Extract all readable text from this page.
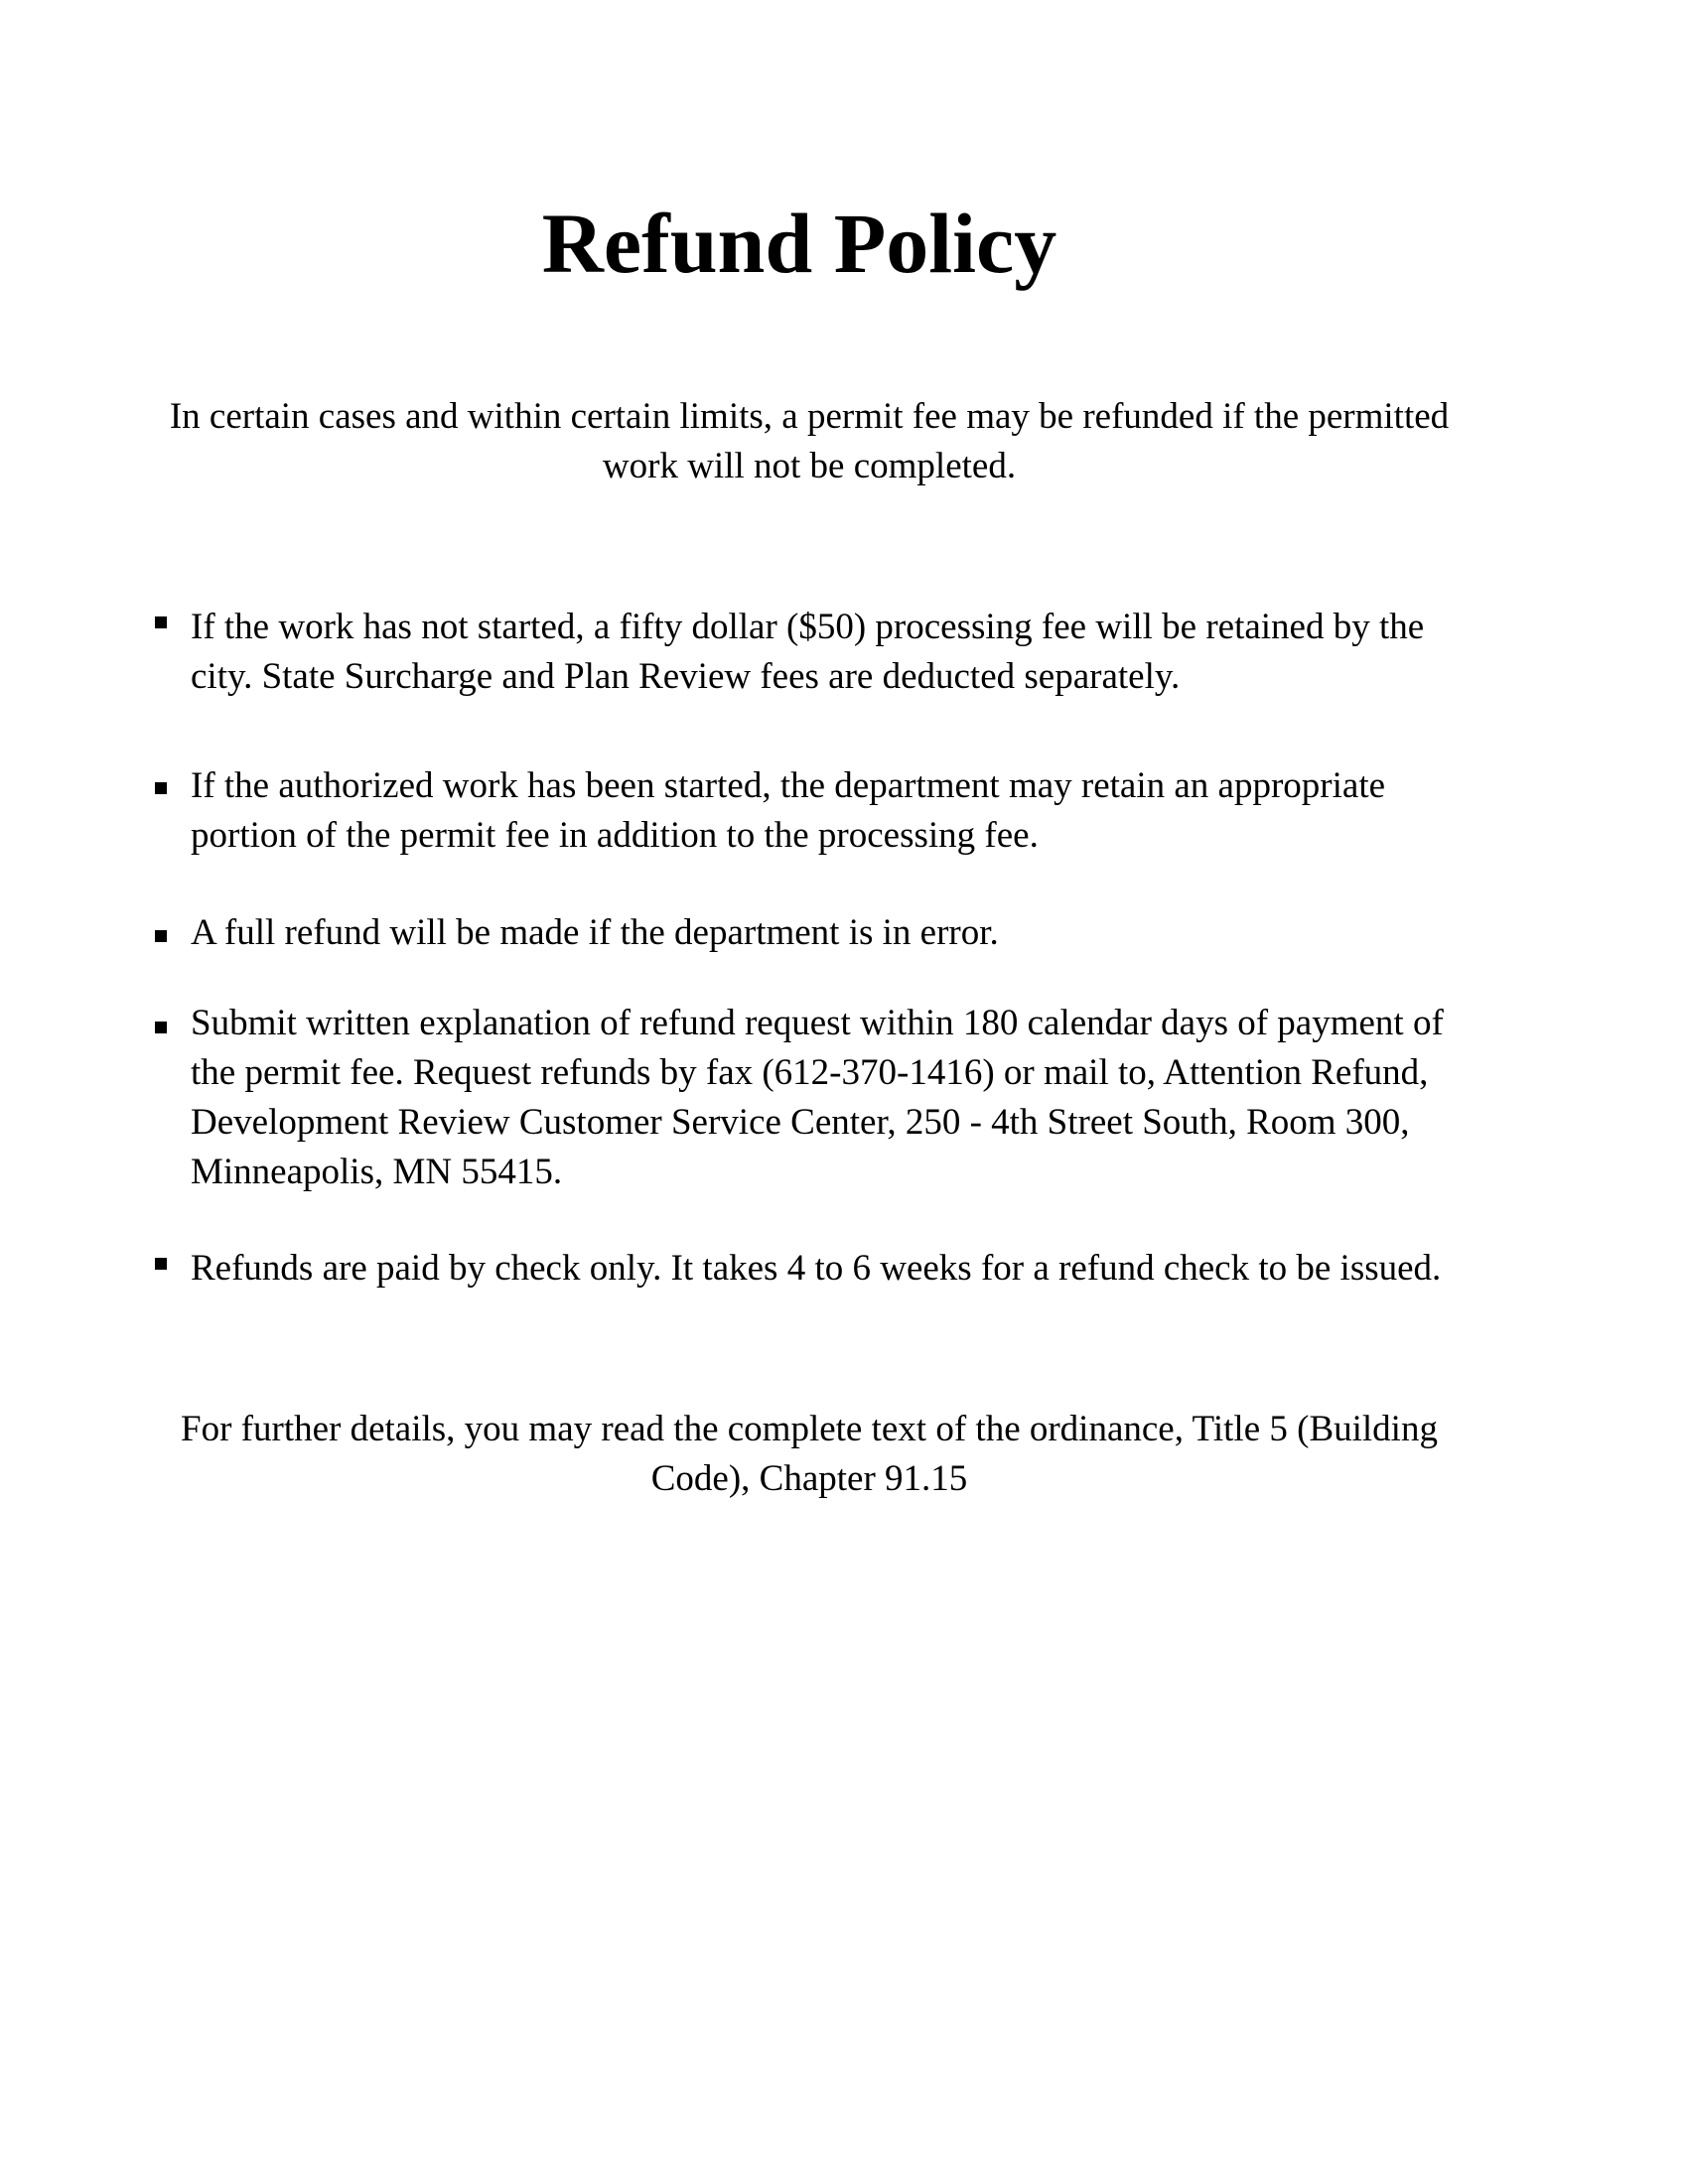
Refund Policy

In certain cases and within certain limits, a permit fee may be refunded if the permitted work will not be completed.

If the work has not started, a fifty dollar ($50) processing fee will be retained by the city. State Surcharge and Plan Review fees are deducted separately.

If the authorized work has been started, the department may retain an appropriate portion of the permit fee in addition to the processing fee.

A full refund will be made if the department is in error.

Submit written explanation of refund request within 180 calendar days of payment of the permit fee. Request refunds by fax (612-370-1416) or mail to, Attention Refund, Development Review Customer Service Center, 250 - 4th Street South, Room 300, Minneapolis, MN 55415.

Refunds are paid by check only. It takes 4 to 6 weeks for a refund check to be issued.

For further details, you may read the complete text of the ordinance, Title 5 (Building Code), Chapter 91.15
